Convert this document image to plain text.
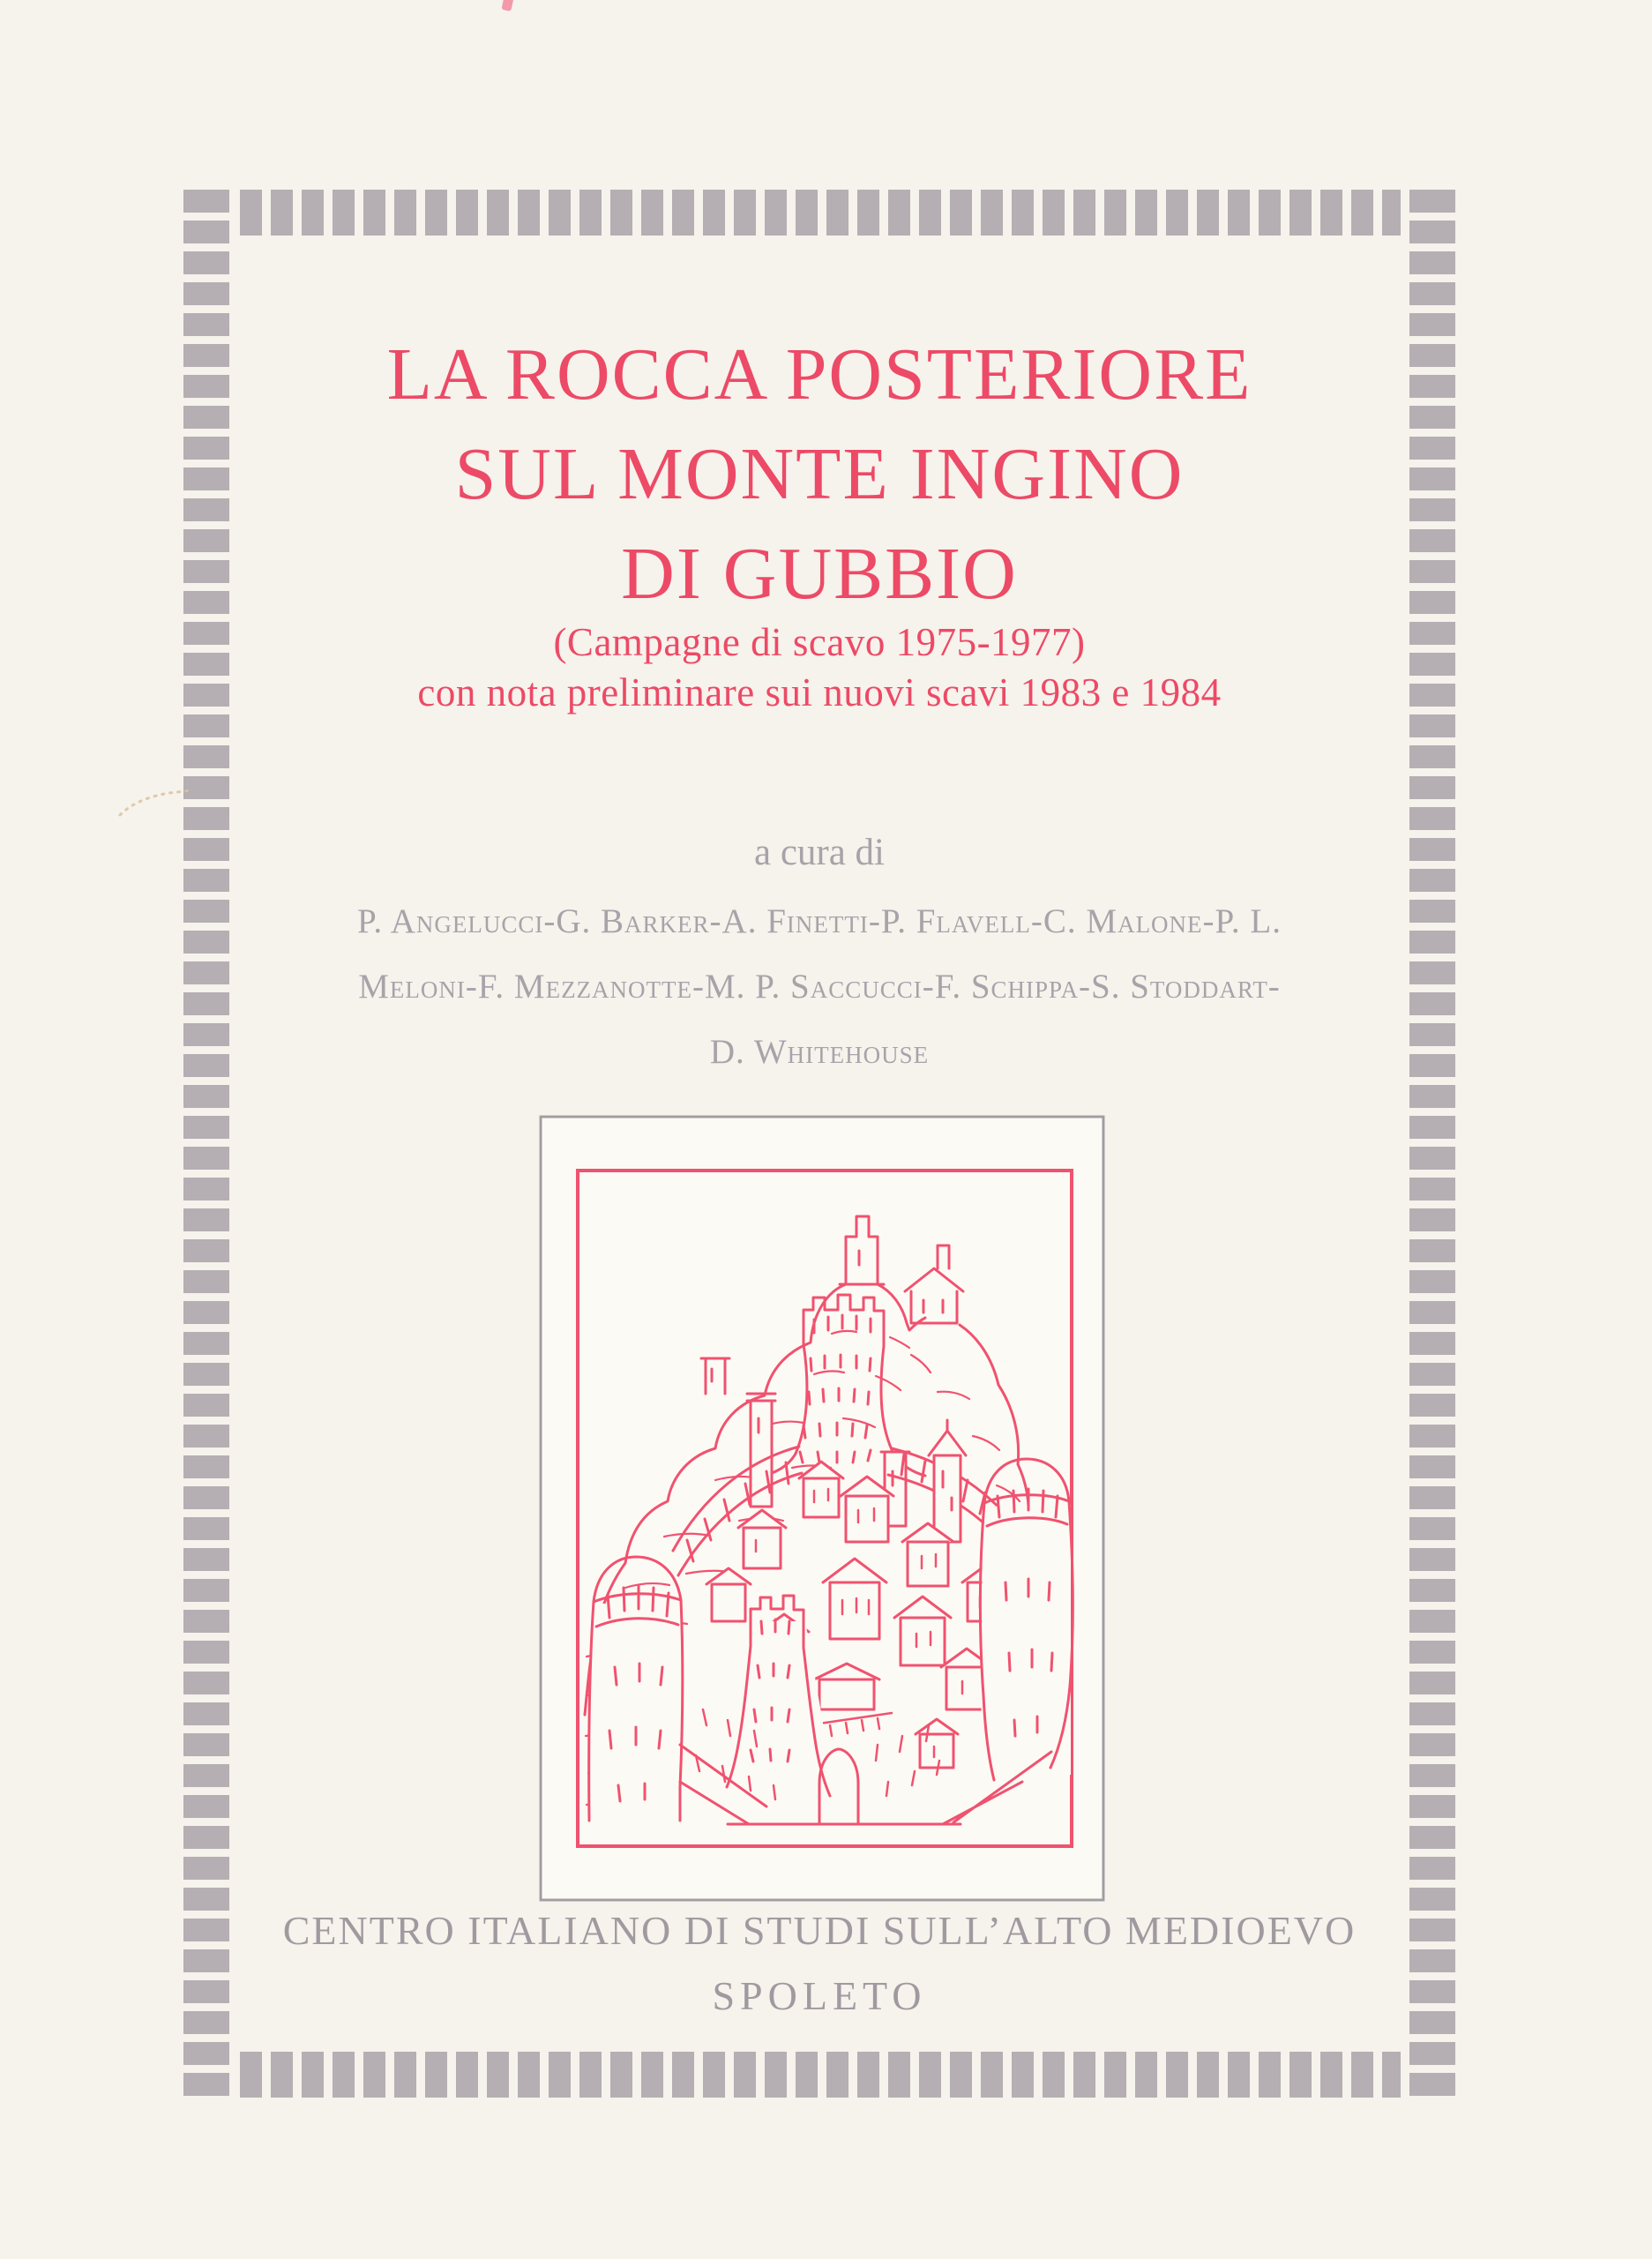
LA ROCCA POSTERIORE
SUL MONTE INGINO
DI GUBBIO
(Campagne di scavo 1975-1977)
con nota preliminare sui nuovi scavi 1983 e 1984
a cura di
P. Angelucci-G. Barker-A. Finetti-P. Flavell-C. Malone-P. L.
Meloni-F. Mezzanotte-M. P. Saccucci-F. Schippa-S. Stoddart-
D. Whitehouse
CENTRO ITALIANO DI STUDI SULL’ALTO MEDIOEVO
SPOLETO
